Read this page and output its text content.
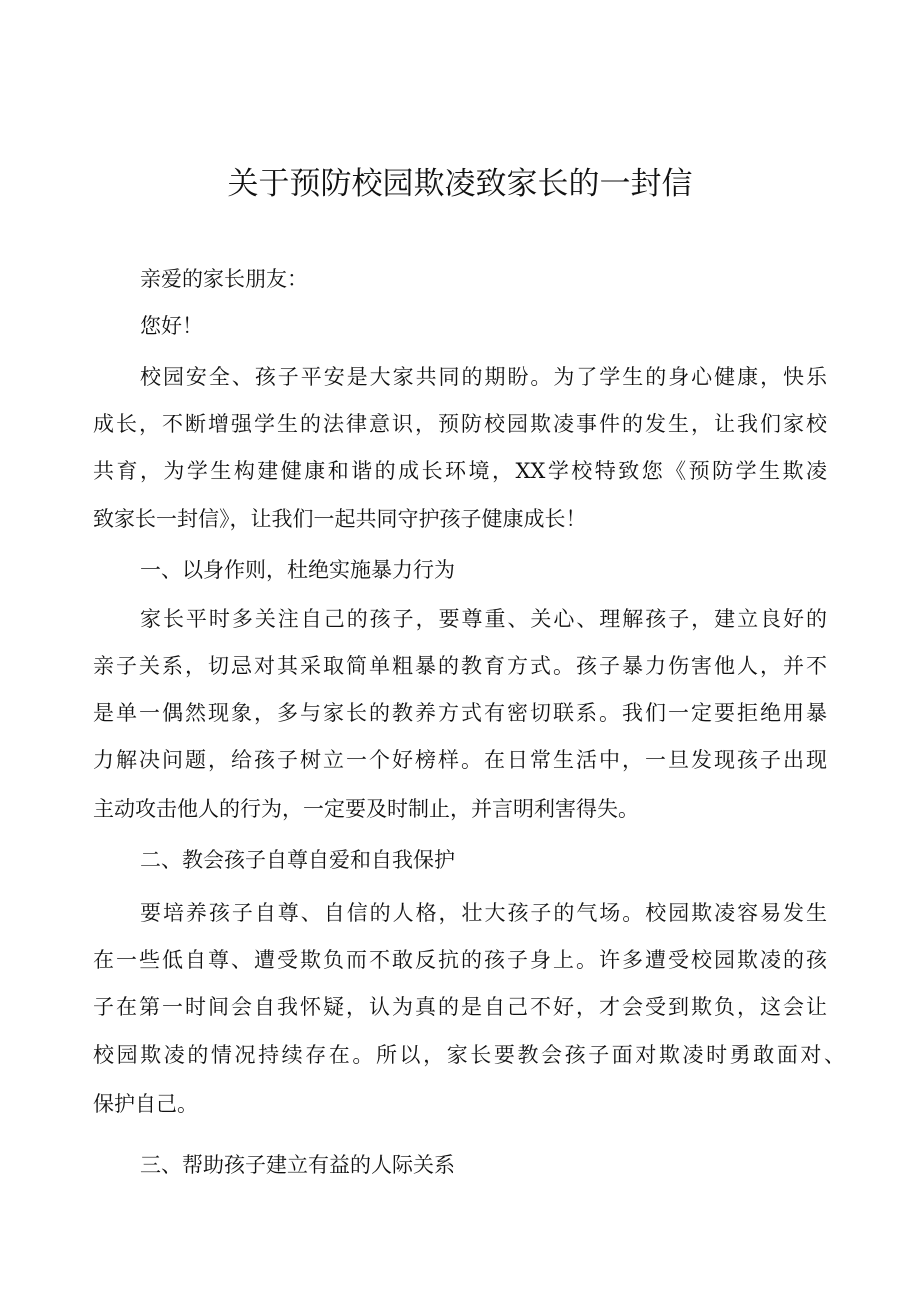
关于预防校园欺凌致家长的一封信
亲爱的家长朋友：
您好！
校园安全、孩子平安是大家共同的期盼。为了学生的身心健康，快乐
成长，不断增强学生的法律意识，预防校园欺凌事件的发生，让我们家校
共育，为学生构建健康和谐的成长环境，XX学校特致您《预防学生欺凌
致家长一封信》，让我们一起共同守护孩子健康成长！
一、以身作则，杜绝实施暴力行为
家长平时多关注自己的孩子，要尊重、关心、理解孩子，建立良好的
亲子关系，切忌对其采取简单粗暴的教育方式。孩子暴力伤害他人，并不
是单一偶然现象，多与家长的教养方式有密切联系。我们一定要拒绝用暴
力解决问题，给孩子树立一个好榜样。在日常生活中，一旦发现孩子出现
主动攻击他人的行为，一定要及时制止，并言明利害得失。
二、教会孩子自尊自爱和自我保护
要培养孩子自尊、自信的人格，壮大孩子的气场。校园欺凌容易发生
在一些低自尊、遭受欺负而不敢反抗的孩子身上。许多遭受校园欺凌的孩
子在第一时间会自我怀疑，认为真的是自己不好，才会受到欺负，这会让
校园欺凌的情况持续存在。所以，家长要教会孩子面对欺凌时勇敢面对、
保护自己。
三、帮助孩子建立有益的人际关系
